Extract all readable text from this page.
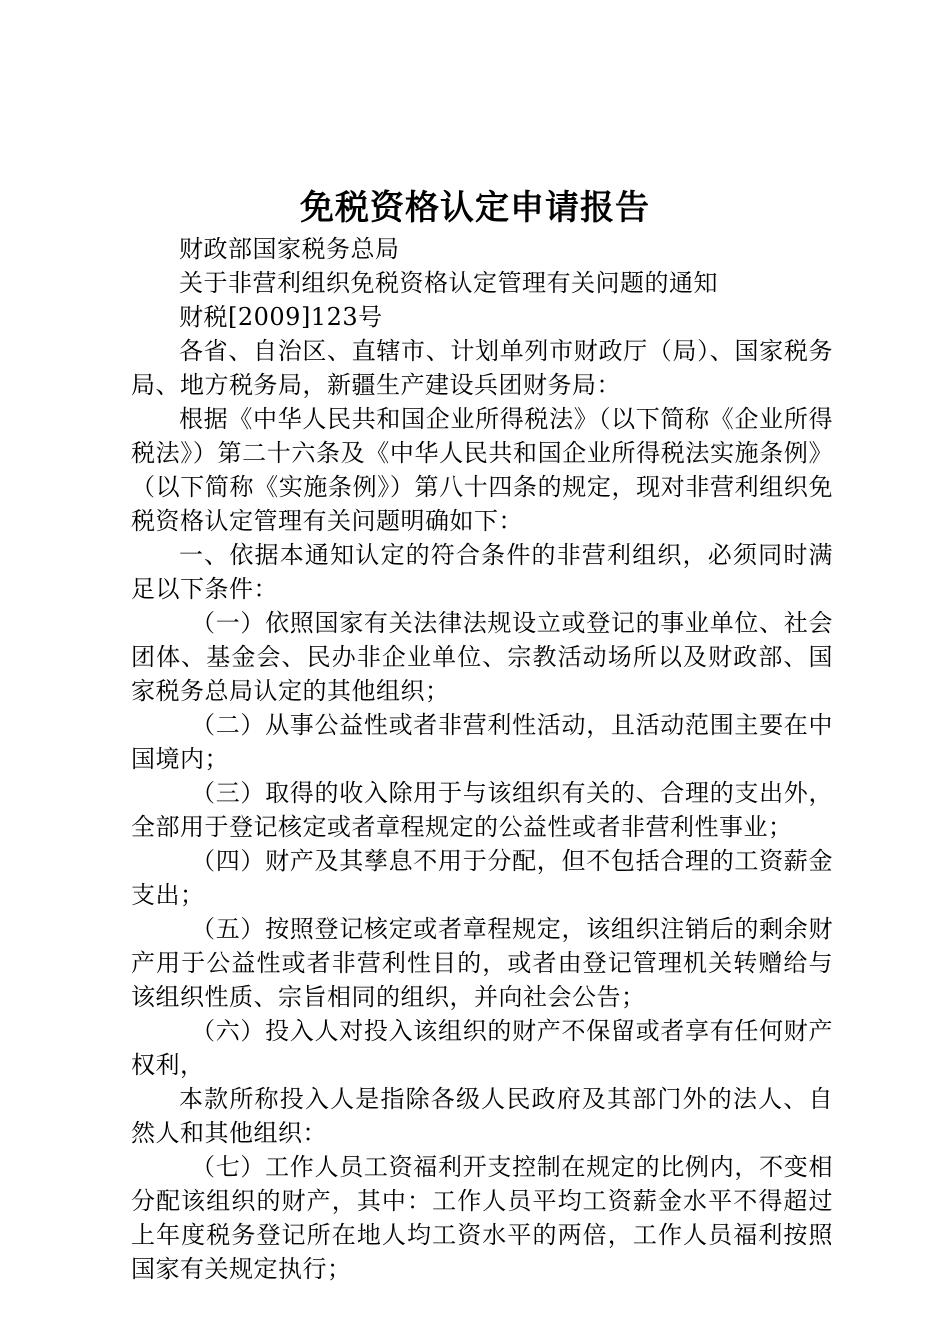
免税资格认定申请报告

财政部国家税务总局

关于非营利组织免税资格认定管理有关问题的通知

财税[2009]123号

各省、自治区、直辖市、计划单列市财政厅（局）、国家税务局、地方税务局，新疆生产建设兵团财务局：

根据《中华人民共和国企业所得税法》（以下简称《企业所得税法》）第二十六条及《中华人民共和国企业所得税法实施条例》（以下简称《实施条例》）第八十四条的规定，现对非营利组织免税资格认定管理有关问题明确如下：

一、依据本通知认定的符合条件的非营利组织，必须同时满足以下条件：

（一）依照国家有关法律法规设立或登记的事业单位、社会团体、基金会、民办非企业单位、宗教活动场所以及财政部、国家税务总局认定的其他组织；

（二）从事公益性或者非营利性活动，且活动范围主要在中国境内；

（三）取得的收入除用于与该组织有关的、合理的支出外，全部用于登记核定或者章程规定的公益性或者非营利性事业；

（四）财产及其孳息不用于分配，但不包括合理的工资薪金支出；

（五）按照登记核定或者章程规定，该组织注销后的剩余财产用于公益性或者非营利性目的，或者由登记管理机关转赠给与该组织性质、宗旨相同的组织，并向社会公告；

（六）投入人对投入该组织的财产不保留或者享有任何财产权利，

本款所称投入人是指除各级人民政府及其部门外的法人、自然人和其他组织：

（七）工作人员工资福利开支控制在规定的比例内，不变相分配该组织的财产，其中：工作人员平均工资薪金水平不得超过上年度税务登记所在地人均工资水平的两倍，工作人员福利按照国家有关规定执行；
